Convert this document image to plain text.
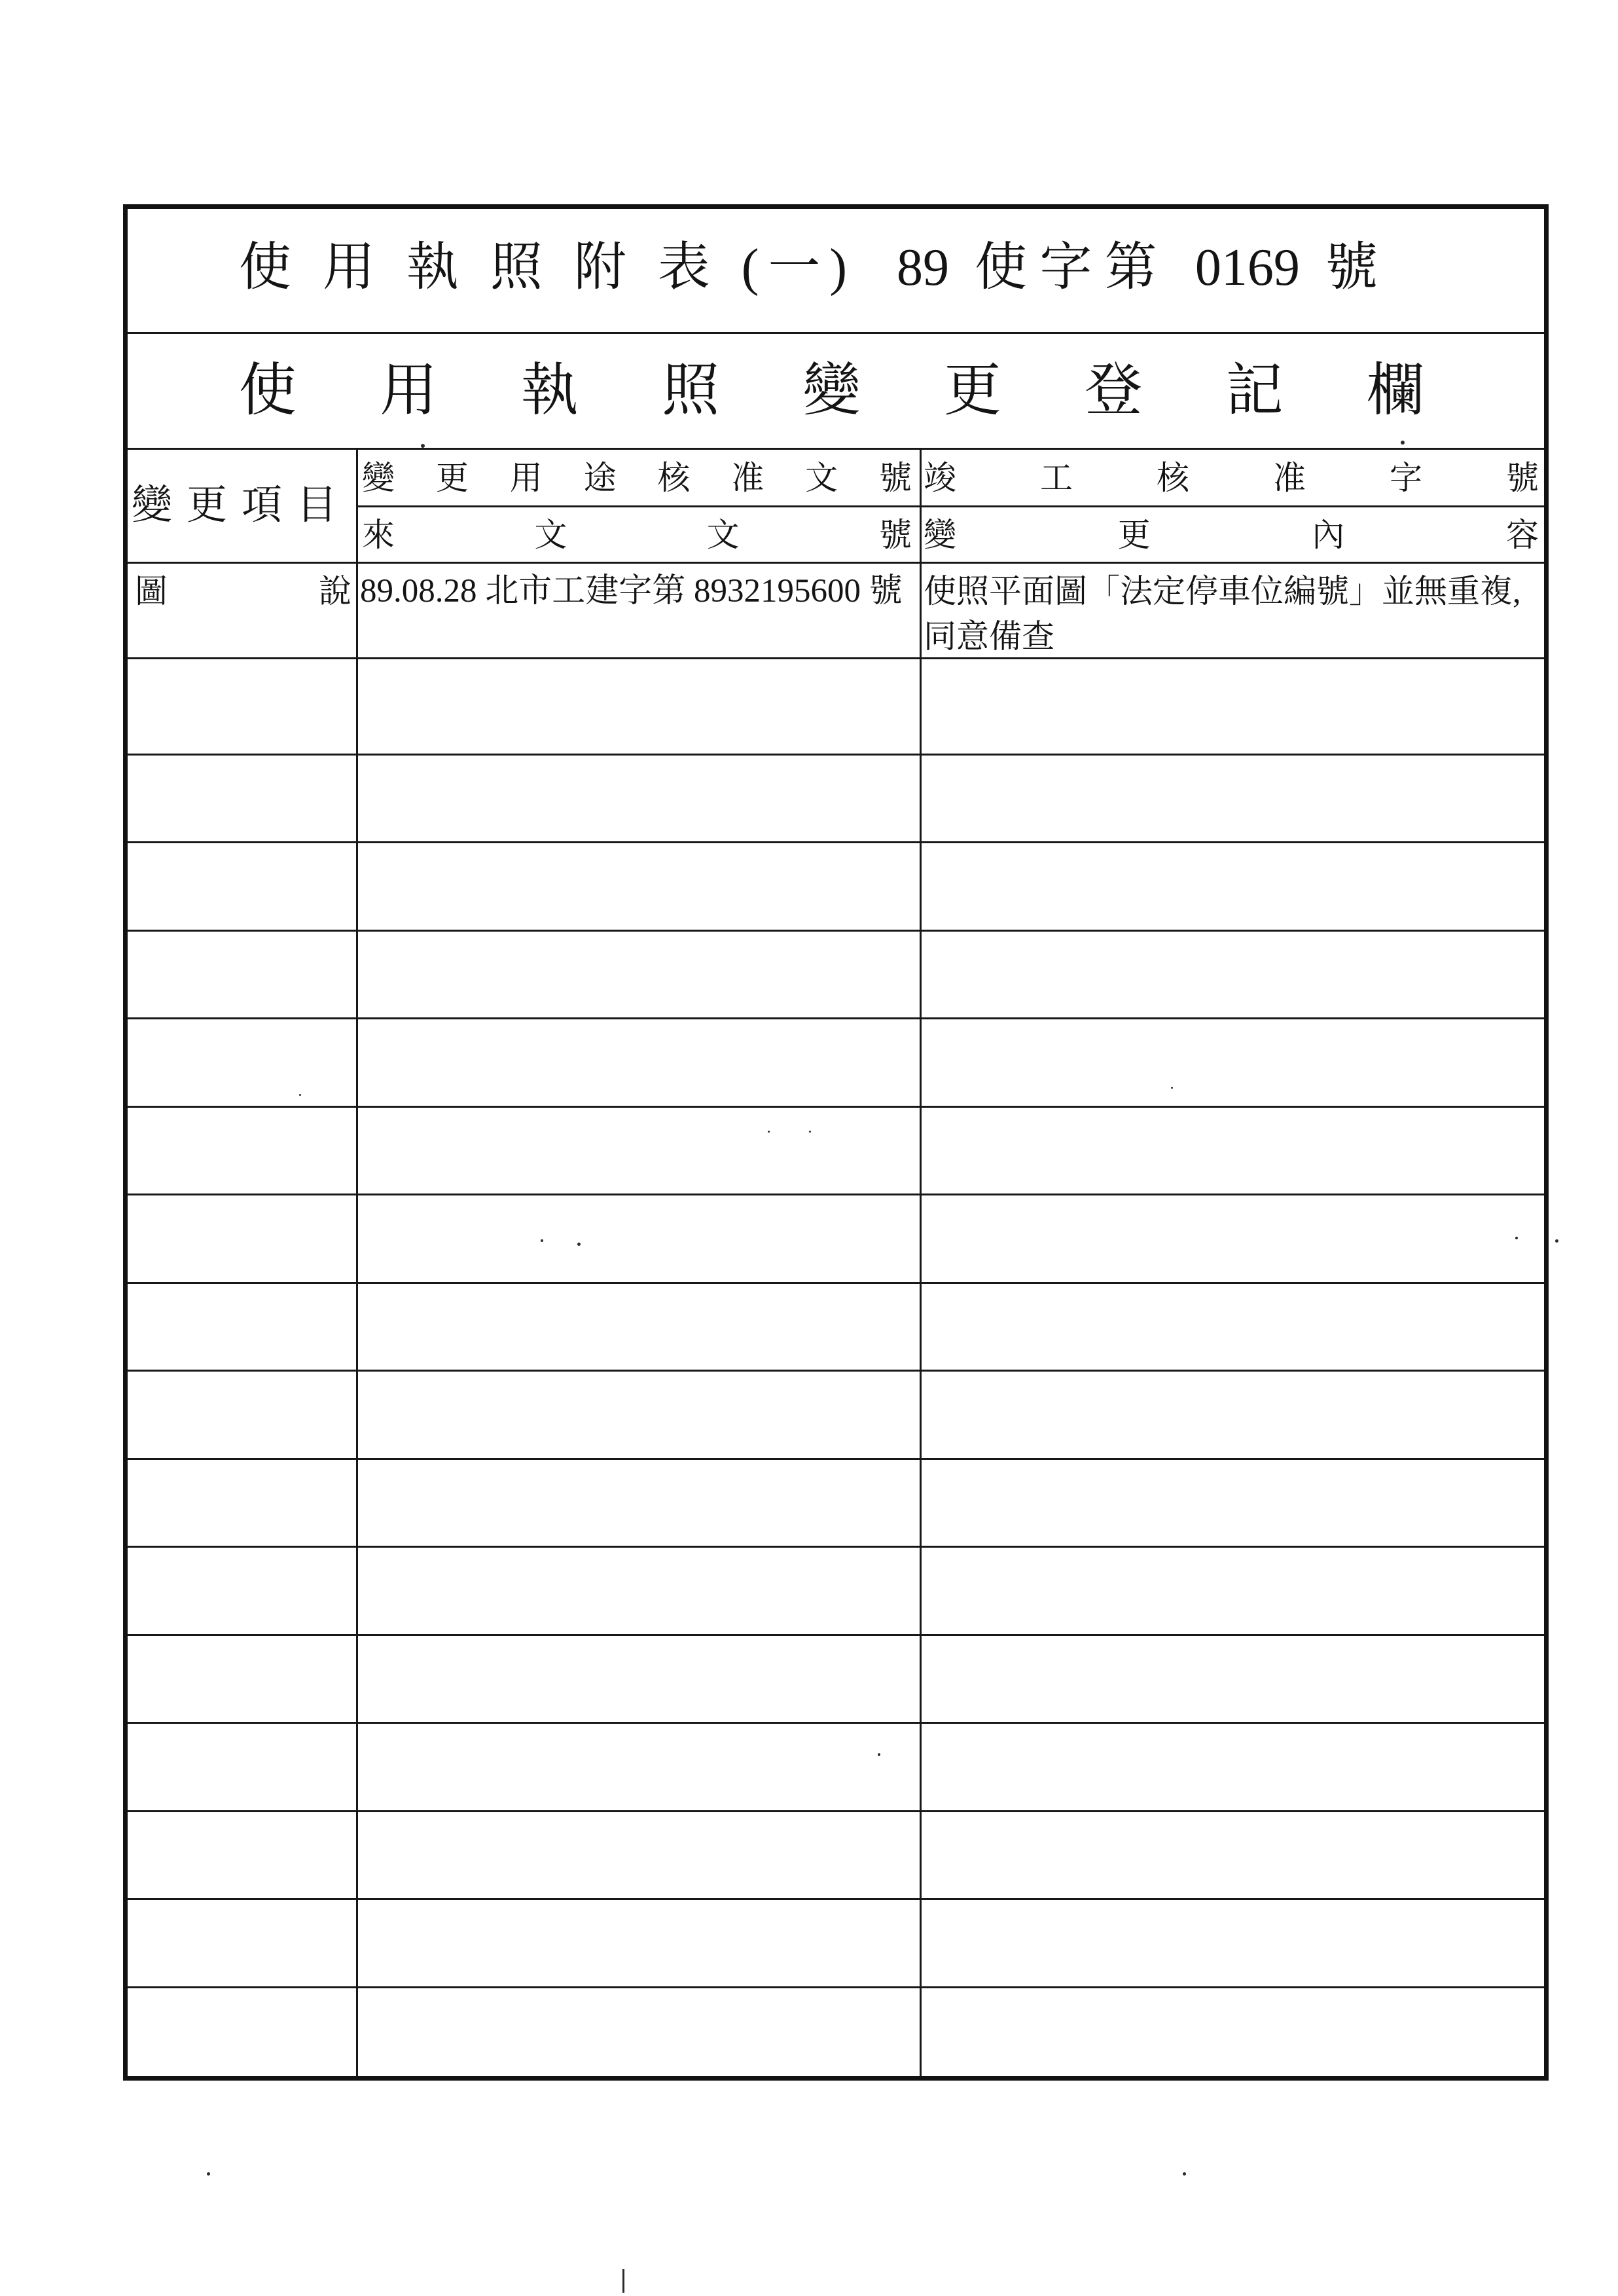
使 用 執 照 附 表 (一) 89 使字第 0169 號
使 用 執 照 變 更 登 記 欄
變 更 項 目
變 更 用 途 核 准 文 號
來 文 文 號
竣 工 核 准 字 號
變 更 內 容
圖 說 89.08.28 北市工建字第 8932195600 號 使照平面圖「法定停車位編號」並無重複,同意備查
